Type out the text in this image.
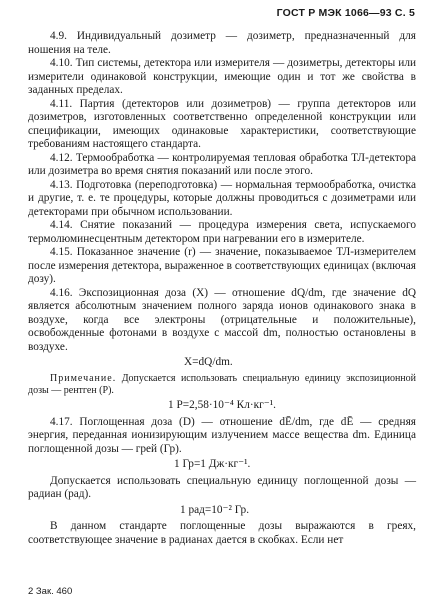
ГОСТ Р МЭК 1066—93 С. 5

4.9. Индивидуальный дозиметр — дозиметр, предназначенный для ношения на теле.

4.10. Тип системы, детектора или измерителя — дозиметры, детекторы или измерители одинаковой конструкции, имеющие один и тот же свойства в заданных пределах.

4.11. Партия (детекторов или дозиметров) — группа детекторов или дозиметров, изготовленных соответственно определенной конструкции или спецификации, имеющих одинаковые характеристики, соответствующие требованиям настоящего стандарта.

4.12. Термообработка — контролируемая тепловая обработка ТЛ-детектора или дозиметра во время снятия показаний или после этого.

4.13. Подготовка (переподготовка) — нормальная термообработка, очистка и другие, т. е. те процедуры, которые должны проводиться с дозиметрами или детекторами при обычном использовании.

4.14. Снятие показаний — процедура измерения света, испускаемого термолюминесцентным детектором при нагревании его в измерителе.

4.15. Показанное значение (r) — значение, показываемое ТЛ-измерителем после измерения детектора, выраженное в соответствующих единицах (включая дозу).

4.16. Экспозиционная доза (X) — отношение dQ/dm, где значение dQ является абсолютным значением полного заряда ионов одинакового знака в воздухе, когда все электроны (отрицательные и положительные), освобожденные фотонами в воздухе с массой dm, полностью остановлены в воздухе.

X=dQ/dm.

Примечание. Допускается использовать специальную единицу экспозиционной дозы — рентген (Р).

1 Р=2,58·10⁻⁴ Кл·кг⁻¹.

4.17. Поглощенная доза (D) — отношение dĒ/dm, где dĒ — средняя энергия, переданная ионизирующим излучением массе вещества dm. Единица поглощенной дозы — грей (Гр).

1 Гр=1 Дж·кг⁻¹.

Допускается использовать специальную единицу поглощенной дозы — радиан (рад).

1 рад=10⁻² Гр.

В данном стандарте поглощенные дозы выражаются в греях, соответствующее значение в радианах дается в скобках. Если нет

2 Зак. 460
